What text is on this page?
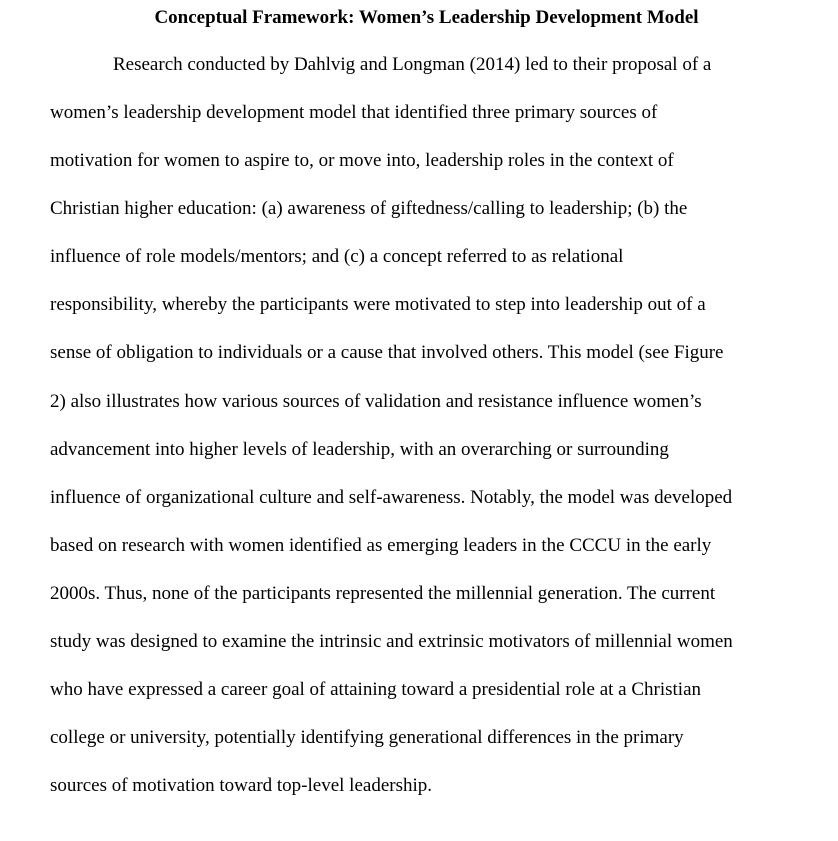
Conceptual Framework: Women’s Leadership Development Model
Research conducted by Dahlvig and Longman (2014) led to their proposal of a
women’s leadership development model that identified three primary sources of
motivation for women to aspire to, or move into, leadership roles in the context of
Christian higher education: (a) awareness of giftedness/calling to leadership; (b) the
influence of role models/mentors; and (c) a concept referred to as relational
responsibility, whereby the participants were motivated to step into leadership out of a
sense of obligation to individuals or a cause that involved others. This model (see Figure
2) also illustrates how various sources of validation and resistance influence women’s
advancement into higher levels of leadership, with an overarching or surrounding
influence of organizational culture and self-awareness. Notably, the model was developed
based on research with women identified as emerging leaders in the CCCU in the early
2000s. Thus, none of the participants represented the millennial generation. The current
study was designed to examine the intrinsic and extrinsic motivators of millennial women
who have expressed a career goal of attaining toward a presidential role at a Christian
college or university, potentially identifying generational differences in the primary
sources of motivation toward top-level leadership.
